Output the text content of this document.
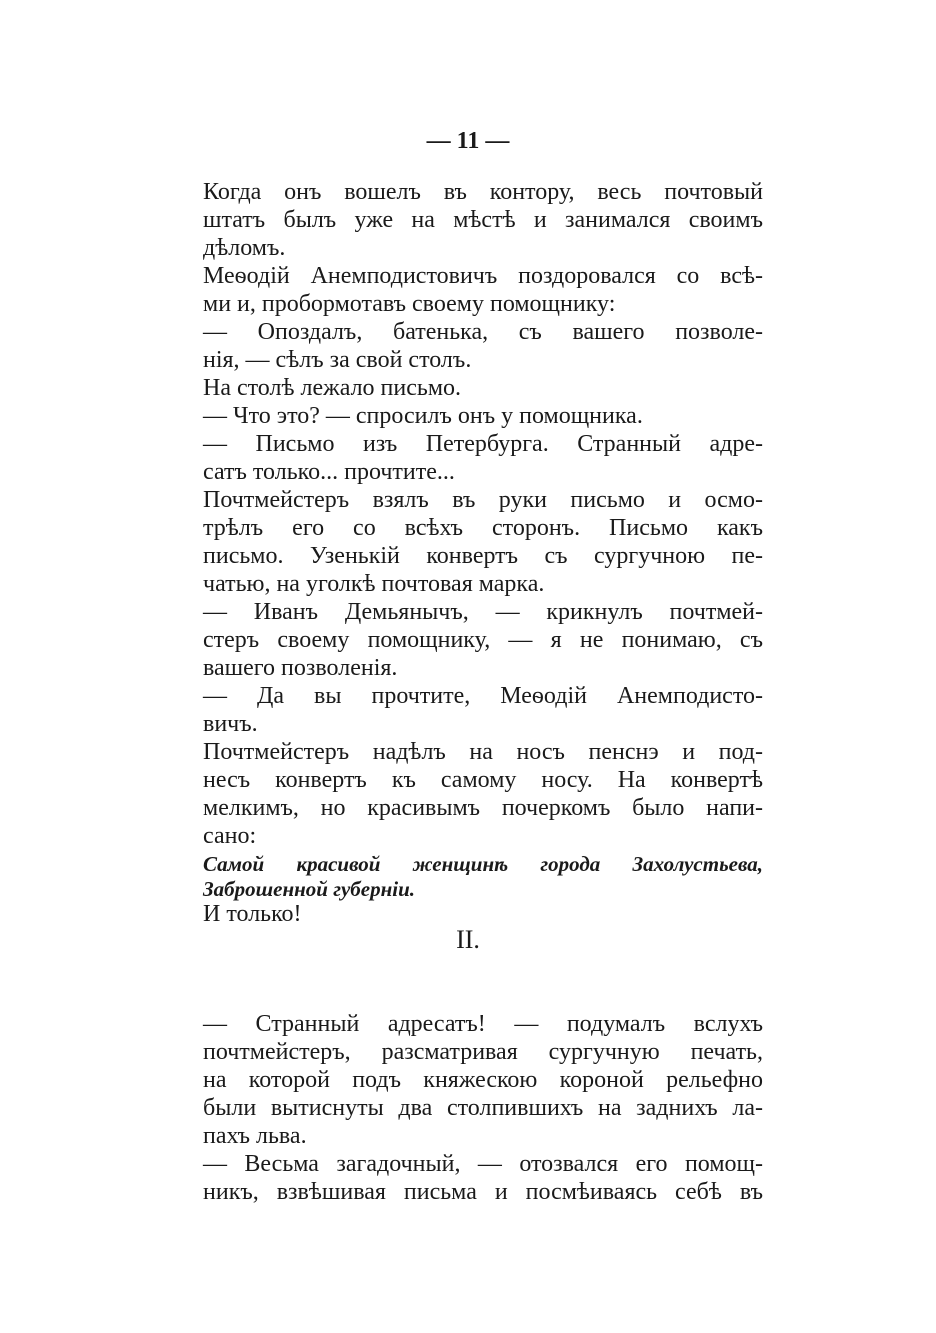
— 11 —
Когда онъ вошелъ въ контору, весь почтовый
штатъ былъ уже на мѣстѣ и занимался своимъ
дѣломъ.
Меѳодій Анемподистовичъ поздоровался со всѣ-
ми и, пробормотавъ своему помощнику:
— Опоздалъ, батенька, съ вашего позволе-
нія, — сѣлъ за свой столъ.
На столѣ лежало письмо.
— Что это? — спросилъ онъ у помощника.
— Письмо изъ Петербурга. Странный адре-
сатъ только... прочтите...
Почтмейстеръ взялъ въ руки письмо и осмо-
трѣлъ его со всѣхъ сторонъ. Письмо какъ
письмо. Узенькій конвертъ съ сургучною пе-
чатью, на уголкѣ почтовая марка.
— Иванъ Демьянычъ, — крикнулъ почтмей-
стеръ своему помощнику, — я не понимаю, съ
вашего позволенія.
— Да вы прочтите, Меѳодій Анемподисто-
вичъ.
Почтмейстеръ надѣлъ на носъ пенснэ и под-
несъ конвертъ къ самому носу. На конвертѣ
мелкимъ, но красивымъ почеркомъ было напи-
сано:
Самой красивой женщинѣ города Захолустьева,
Заброшенной губерніи.
И только!
II.
— Странный адресатъ! — подумалъ вслухъ
почтмейстеръ, разсматривая сургучную печать,
на которой подъ княжескою короной рельефно
были вытиснуты два столпившихъ на заднихъ ла-
пахъ льва.
— Весьма загадочный, — отозвался его помощ-
никъ, взвѣшивая письма и посмѣиваясь себѣ въ
